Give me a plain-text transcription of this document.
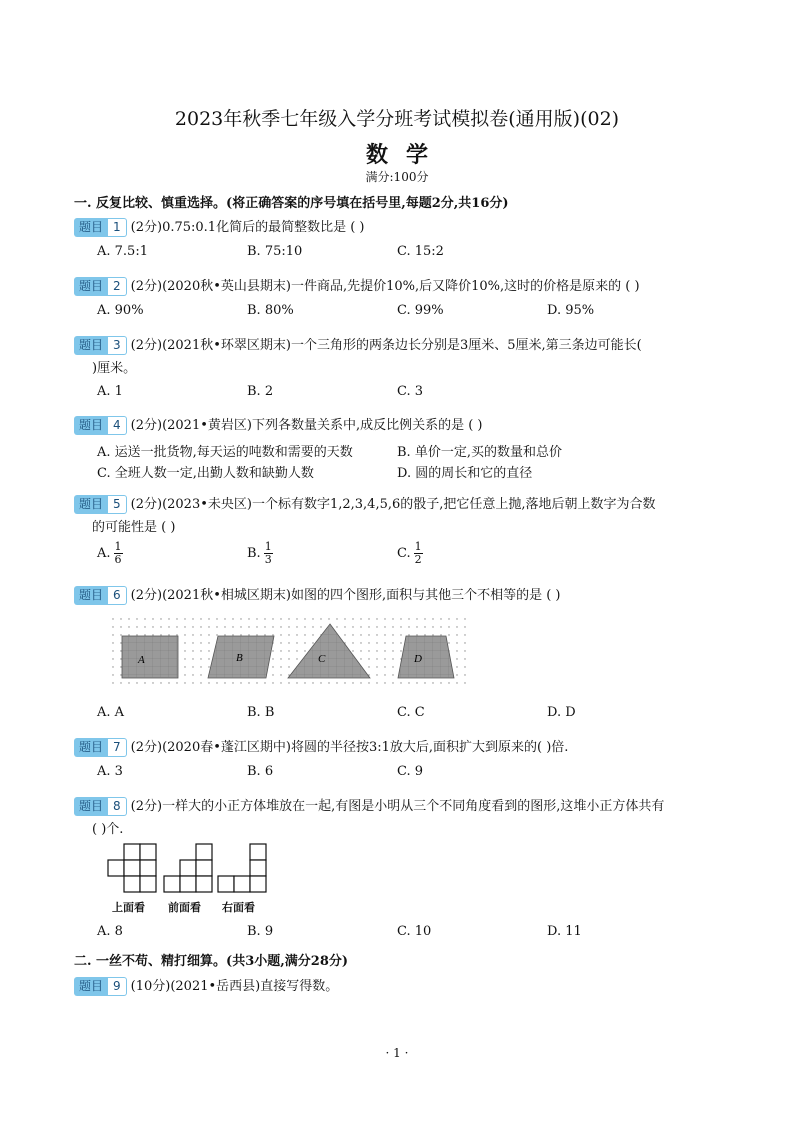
2023年秋季七年级入学分班考试模拟卷(通用版)(02)
数学
满分:100分
一. 反复比较、慎重选择。(将正确答案的序号填在括号里,每题2分,共16分)
题目 1 (2分)0.75:0.1化简后的最简整数比是 ( )
A. 7.5:1	B. 75:10	C. 15:2
题目 2 (2分)(2020秋•英山县期末)一件商品,先提价10%,后又降价10%,这时的价格是原来的 ( )
A. 90%	B. 80%	C. 99%	D. 95%
题目 3 (2分)(2021秋•环翠区期末)一个三角形的两条边长分别是3厘米、5厘米,第三条边可能长(
)厘米。
A. 1	B. 2	C. 3
题目 4 (2分)(2021•黄岩区)下列各数量关系中,成反比例关系的是 ( )
A. 运送一批货物,每天运的吨数和需要的天数	B. 单价一定,买的数量和总价
C. 全班人数一定,出勤人数和缺勤人数	D. 圆的周长和它的直径
题目 5 (2分)(2023•未央区)一个标有数字1,2,3,4,5,6的骰子,把它任意上抛,落地后朝上数字为合数
的可能性是 ( )
A. $\frac{1}{6}$	B. $\frac{1}{3}$	C. $\frac{1}{2}$
题目 6 (2分)(2021秋•相城区期末)如图的四个图形,面积与其他三个不相等的是 ( )
A	B	C	D
A. A	B. B	C. C	D. D
题目 7 (2分)(2020春•蓬江区期中)将圆的半径按3:1放大后,面积扩大到原来的( )倍.
A. 3	B. 6	C. 9
题目 8 (2分)一样大的小正方体堆放在一起,有图是小明从三个不同角度看到的图形,这堆小正方体共有
( )个.
上面看 前面看 右面看
A. 8	B. 9	C. 10	D. 11
二. 一丝不苟、精打细算。(共3小题,满分28分)
题目 9 (10分)(2021•岳西县)直接写得数。
· 1 ·
